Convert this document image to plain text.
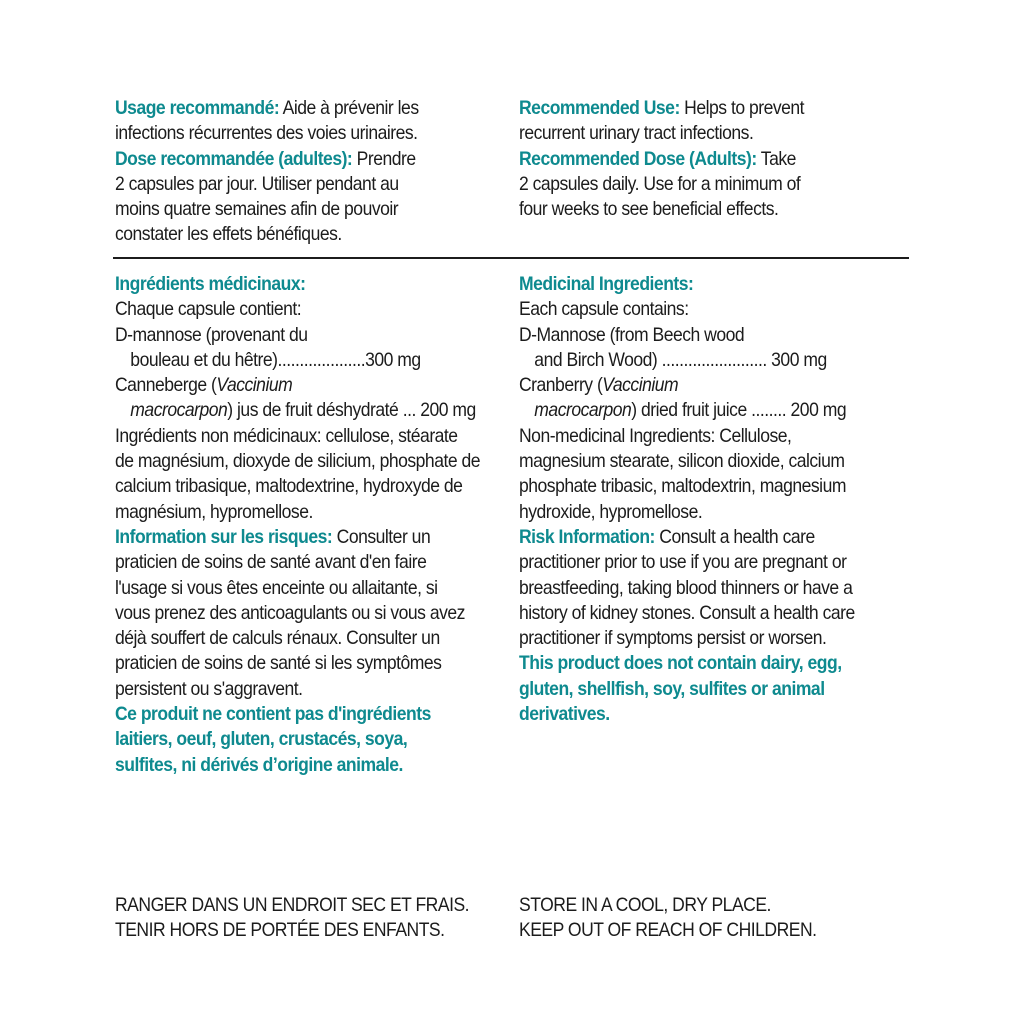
Usage recommandé: Aide à prévenir les
infections récurrentes des voies urinaires.
Dose recommandée (adultes): Prendre
2 capsules par jour. Utiliser pendant au
moins quatre semaines afin de pouvoir
constater les effets bénéfiques.
Recommended Use: Helps to prevent
recurrent urinary tract infections.
Recommended Dose (Adults): Take
2 capsules daily. Use for a minimum of
four weeks to see beneficial effects.
Ingrédients médicinaux:
Chaque capsule contient:
D-mannose (provenant du
bouleau et du hêtre)....................300 mg
Canneberge (Vaccinium
macrocarpon) jus de fruit déshydraté ... 200 mg
Ingrédients non médicinaux: cellulose, stéarate
de magnésium, dioxyde de silicium, phosphate de
calcium tribasique, maltodextrine, hydroxyde de
magnésium, hypromellose.
Information sur les risques: Consulter un
praticien de soins de santé avant d'en faire
l'usage si vous êtes enceinte ou allaitante, si
vous prenez des anticoagulants ou si vous avez
déjà souffert de calculs rénaux. Consulter un
praticien de soins de santé si les symptômes
persistent ou s'aggravent.
Ce produit ne contient pas d'ingrédients
laitiers, oeuf, gluten, crustacés, soya,
sulfites, ni dérivés d’origine animale.
Medicinal Ingredients:
Each capsule contains:
D-Mannose (from Beech wood
and Birch Wood) ........................ 300 mg
Cranberry (Vaccinium
macrocarpon) dried fruit juice ........ 200 mg
Non-medicinal Ingredients: Cellulose,
magnesium stearate, silicon dioxide, calcium
phosphate tribasic, maltodextrin, magnesium
hydroxide, hypromellose.
Risk Information: Consult a health care
practitioner prior to use if you are pregnant or
breastfeeding, taking blood thinners or have a
history of kidney stones. Consult a health care
practitioner if symptoms persist or worsen.
This product does not contain dairy, egg,
gluten, shellfish, soy, sulfites or animal
derivatives.
RANGER DANS UN ENDROIT SEC ET FRAIS.
TENIR HORS DE PORTÉE DES ENFANTS.
STORE IN A COOL, DRY PLACE.
KEEP OUT OF REACH OF CHILDREN.
